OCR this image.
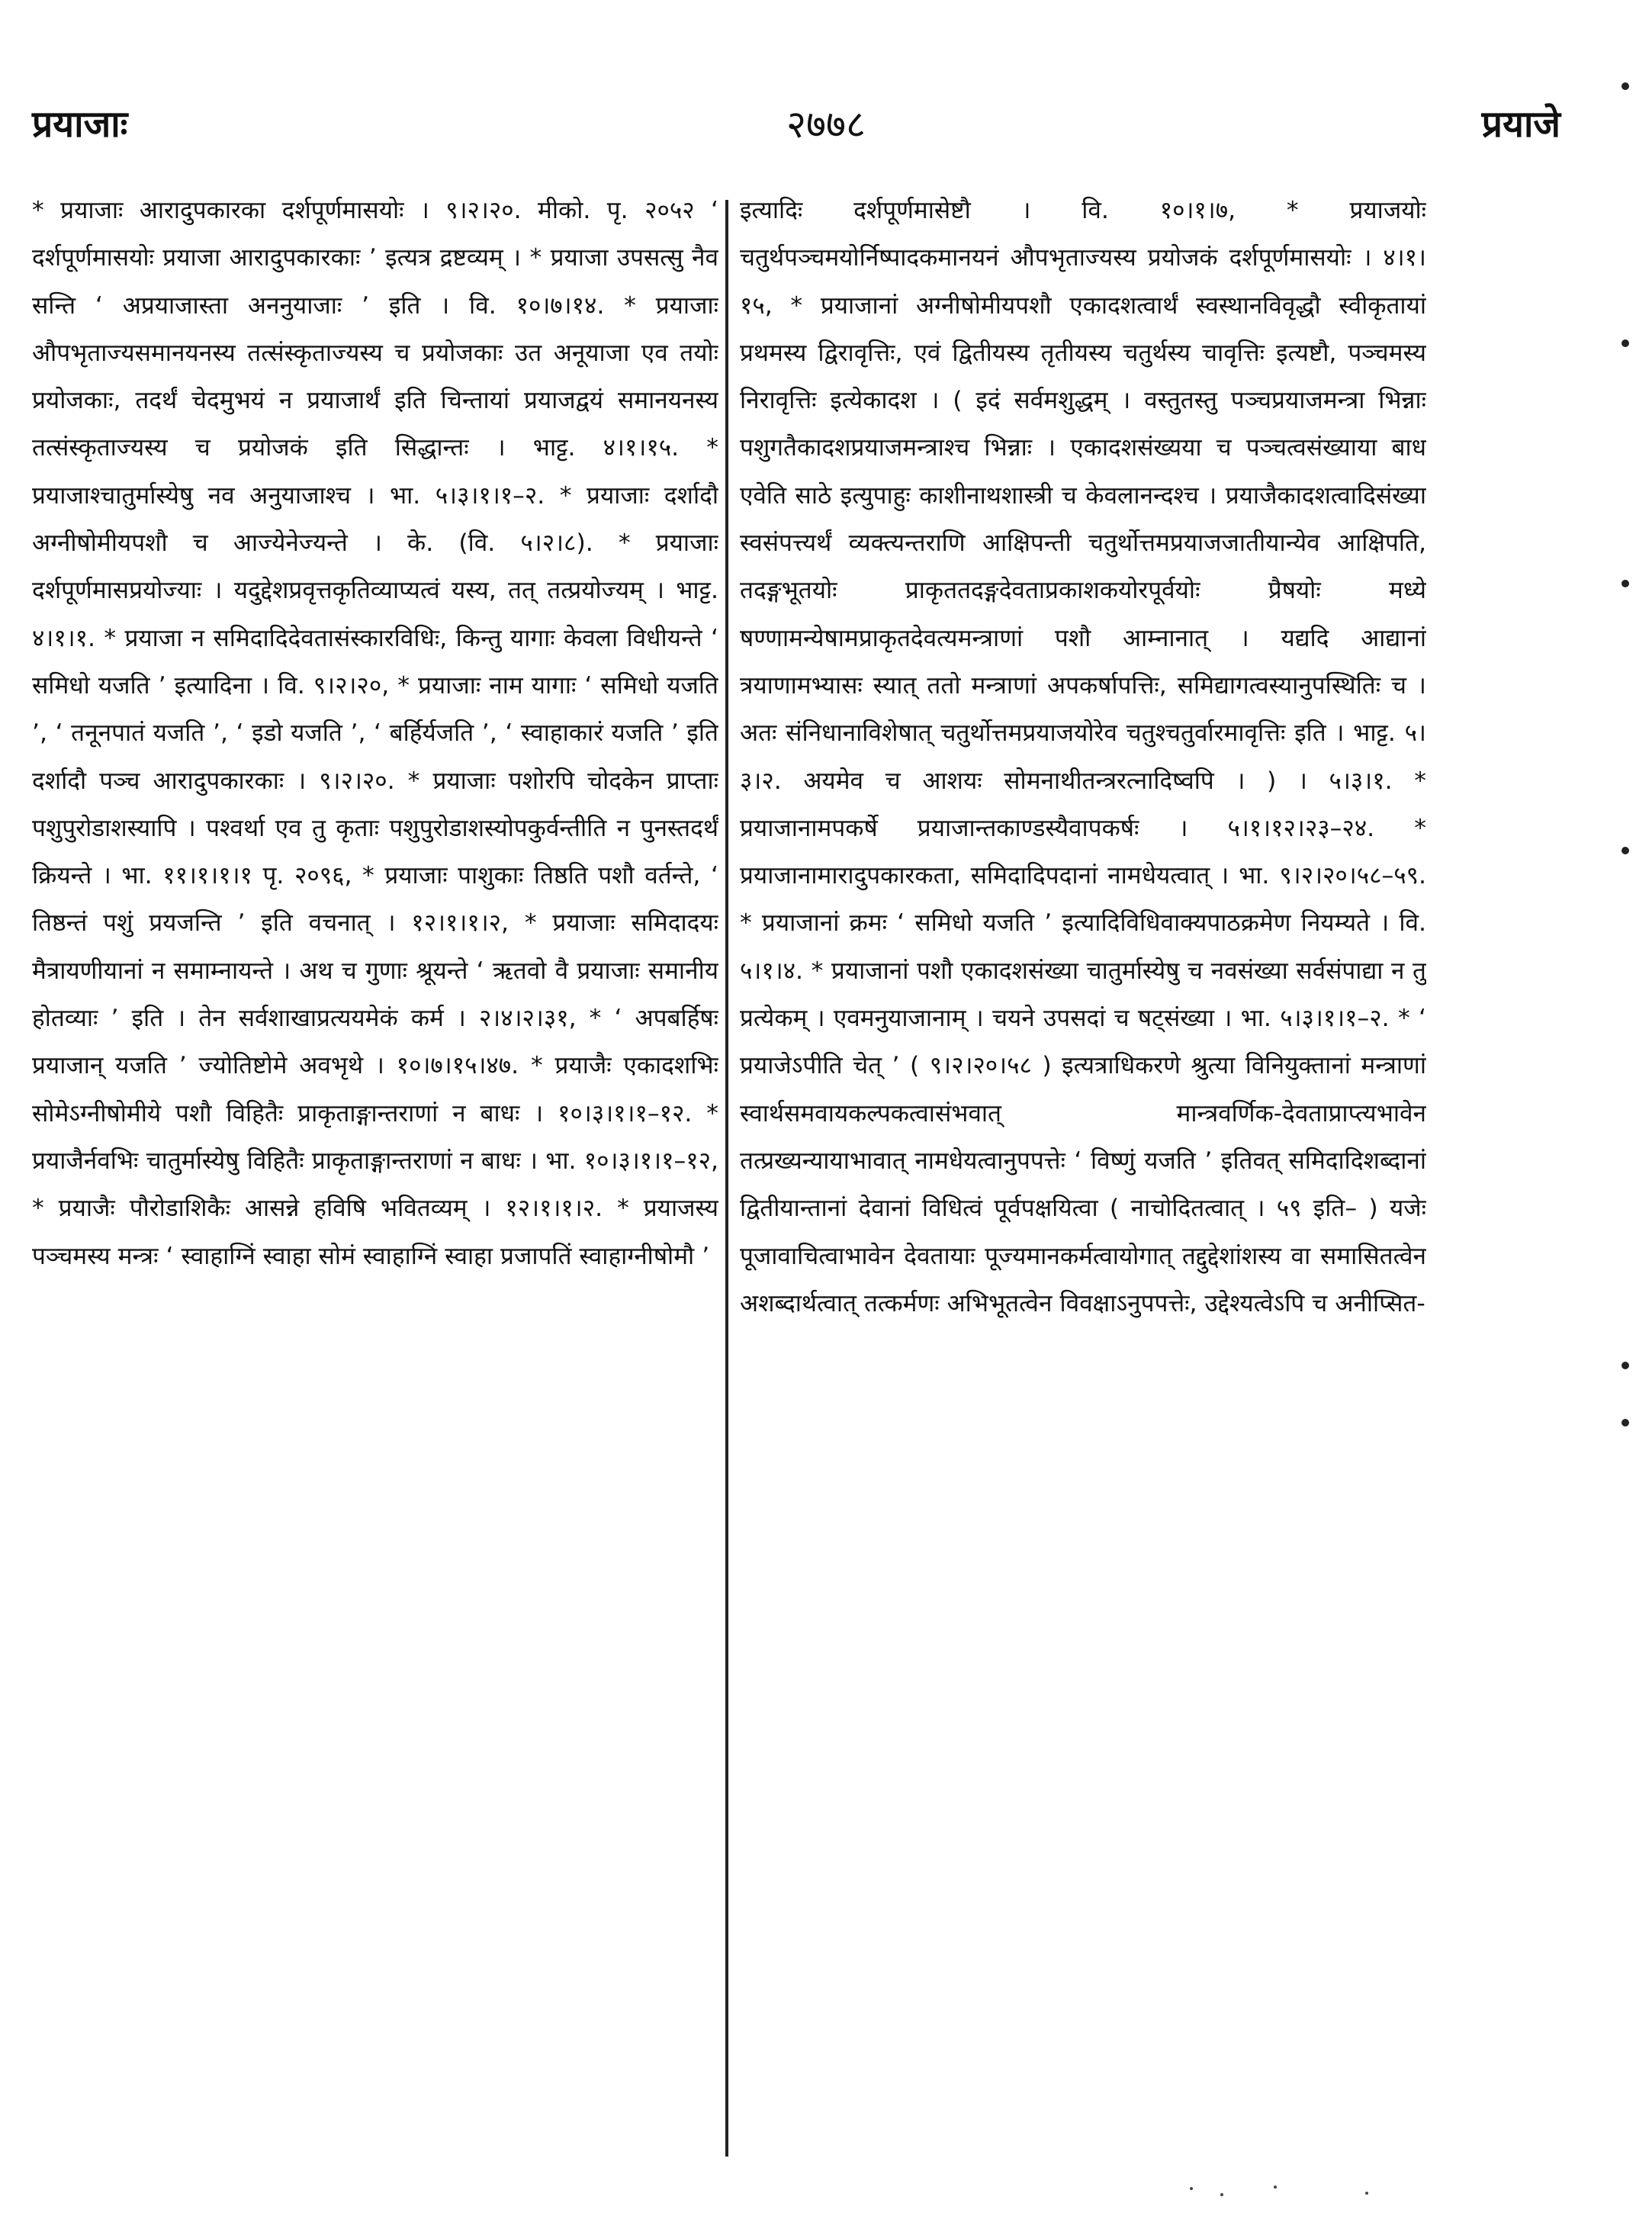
२७७८
प्रयाजाः	प्रयाजे
* प्रयाजाः आरादुपकारका दर्शपूर्णमासयोः । ९।२।२०. मीको. पृ. २०५२ ‘ दर्शपूर्णमासयोः प्रयाजा आरादुपकारकाः ’ इत्यत्र द्रष्टव्यम् । * प्रयाजा उपसत्सु नैव सन्ति ‘ अप्रयाजास्ता अननुयाजाः ’ इति । वि. १०।७।१४. * प्रयाजाः औपभृताज्यसमानयनस्य तत्संस्कृताज्यस्य च प्रयोजकाः उत अनूयाजा एव तयोः प्रयोजकाः, तदर्थं चेदमुभयं न प्रयाजार्थं इति चिन्तायां प्रयाजद्वयं समानयनस्य तत्संस्कृताज्यस्य च प्रयोजकं इति सिद्धान्तः । भाट्ट. ४।१।१५. * प्रयाजाश्चातुर्मास्येषु नव अनुयाजाश्च । भा. ५।३।१।१–२. * प्रयाजाः दर्शादौ अग्नीषोमीयपशौ च आज्येनेज्यन्ते । के. (वि. ५।२।८). * प्रयाजाः दर्शपूर्णमासप्रयोज्याः । यदुद्देशप्रवृत्तकृतिव्याप्यत्वं यस्य, तत् तत्प्रयोज्यम् । भाट्ट. ४।१।१. * प्रयाजा न समिदादिदेवतासंस्कारविधिः, किन्तु यागाः केवला विधीयन्ते ‘ समिधो यजति ’ इत्यादिना । वि. ९।२।२०, * प्रयाजाः नाम यागाः ‘ समिधो यजति ’, ‘ तनूनपातं यजति ’, ‘ इडो यजति ’, ‘ बर्हिर्यजति ’, ‘ स्वाहाकारं यजति ’ इति दर्शादौ पञ्च आरादुपकारकाः । ९।२।२०. * प्रयाजाः पशोरपि चोदकेन प्राप्ताः पशुपुरोडाशस्यापि । पश्वर्था एव तु कृताः पशुपुरोडाशस्योपकुर्वन्तीति न पुनस्तदर्थं क्रियन्ते । भा. ११।१।१।१ पृ. २०९६, * प्रयाजाः पाशुकाः तिष्ठति पशौ वर्तन्ते, ‘ तिष्ठन्तं पशुं प्रयजन्ति ’ इति वचनात् । १२।१।१।२, * प्रयाजाः समिदादयः मैत्रायणीयानां न समाम्नायन्ते । अथ च गुणाः श्रूयन्ते ‘ ऋतवो वै प्रयाजाः समानीय होतव्याः ’ इति । तेन सर्वशाखाप्रत्ययमेकं कर्म । २।४।२।३१, * ‘ अपबर्हिषः प्रयाजान् यजति ’ ज्योतिष्टोमे अवभृथे । १०।७।१५।४७. * प्रयाजैः एकादशभिः सोमेऽग्नीषोमीये पशौ विहितैः प्राकृताङ्गान्तराणां न बाधः । १०।३।१।१–१२. * प्रयाजैर्नवभिः चातुर्मास्येषु विहितैः प्राकृताङ्गान्तराणां न बाधः । भा. १०।३।१।१–१२, * प्रयाजैः पौरोडाशिकैः आसन्ने हविषि भवितव्यम् । १२।१।१।२. * प्रयाजस्य पञ्चमस्य मन्त्रः ‘ स्वाहाग्निं स्वाहा सोमं स्वाहाग्निं स्वाहा प्रजापतिं स्वाहाग्नीषोमौ ’
इत्यादिः दर्शपूर्णमासेष्टौ । वि. १०।१।७, * प्रयाजयोः चतुर्थपञ्चमयोर्निष्पादकमानयनं औपभृताज्यस्य प्रयोजकं दर्शपूर्णमासयोः । ४।१।१५, * प्रयाजानां अग्नीषोमीयपशौ एकादशत्वार्थं स्वस्थानविवृद्धौ स्वीकृतायां प्रथमस्य द्विरावृत्तिः, एवं द्वितीयस्य तृतीयस्य चतुर्थस्य चावृत्तिः इत्यष्टौ, पञ्चमस्य निरावृत्तिः इत्येकादश । ( इदं सर्वमशुद्धम् । वस्तुतस्तु पञ्चप्रयाजमन्त्रा भिन्नाः पशुगतैकादशप्रयाजमन्त्राश्च भिन्नाः । एकादशसंख्यया च पञ्चत्वसंख्याया बाध एवेति साठे इत्युपाहुः काशीनाथशास्त्री च केवलानन्दश्च । प्रयाजैकादशत्वादिसंख्या स्वसंपत्त्यर्थं व्यक्त्यन्तराणि आक्षिपन्ती चतुर्थोत्तमप्रयाजजातीयान्येव आक्षिपति, तदङ्गभूतयोः प्राकृततदङ्गदेवताप्रकाशकयोरपूर्वयोः प्रैषयोः मध्ये षण्णामन्येषामप्राकृतदेवत्यमन्त्राणां पशौ आम्नानात् । यद्यदि आद्यानां त्रयाणामभ्यासः स्यात् ततो मन्त्राणां अपकर्षापत्तिः, समिद्यागत्वस्यानुपस्थितिः च । अतः संनिधानाविशेषात् चतुर्थोत्तमप्रयाजयोरेव चतुश्चतुर्वारमावृत्तिः इति । भाट्ट. ५।३।२. अयमेव च आशयः सोमनाथीतन्त्ररत्नादिष्वपि । ) । ५।३।१. * प्रयाजानामपकर्षे प्रयाजान्तकाण्डस्यैवापकर्षः । ५।१।१२।२३–२४. * प्रयाजानामारादुपकारकता, समिदादिपदानां नामधेयत्वात् । भा. ९।२।२०।५८–५९. * प्रयाजानां क्रमः ‘ समिधो यजति ’ इत्यादिविधिवाक्यपाठक्रमेण नियम्यते । वि. ५।१।४. * प्रयाजानां पशौ एकादशसंख्या चातुर्मास्येषु च नवसंख्या सर्वसंपाद्या न तु प्रत्येकम् । एवमनुयाजानाम् । चयने उपसदां च षट्संख्या । भा. ५।३।१।१–२. * ‘ प्रयाजेऽपीति चेत् ’ ( ९।२।२०।५८ ) इत्यत्राधिकरणे श्रुत्या विनियुक्तानां मन्त्राणां स्वार्थसमवायकल्पकत्वासंभवात् मान्त्रवर्णिक-देवताप्राप्त्यभावेन तत्प्रख्यन्यायाभावात् नामधेयत्वानुपपत्तेः ‘ विष्णुं यजति ’ इतिवत् समिदादिशब्दानां द्वितीयान्तानां देवानां विधित्वं पूर्वपक्षयित्वा ( नाचोदितत्वात् । ५९ इति– ) यजेः पूजावाचित्वाभावेन देवतायाः पूज्यमानकर्मत्वायोगात् तद्दुद्देशांशस्य वा समासितत्वेन अशब्दार्थत्वात् तत्कर्मणः अभिभूतत्वेन विवक्षाऽनुपपत्तेः, उद्देश्यत्वेऽपि च अनीप्सित-
